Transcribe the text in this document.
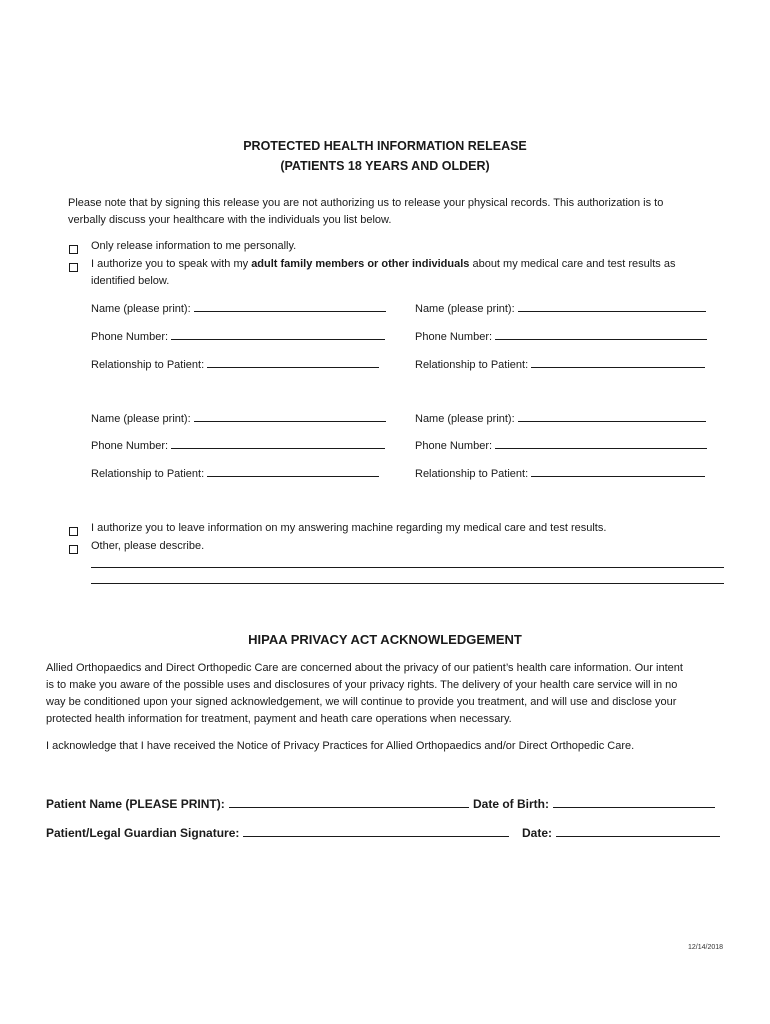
PROTECTED HEALTH INFORMATION RELEASE
(PATIENTS 18 YEARS AND OLDER)
Please note that by signing this release you are not authorizing us to release your physical records. This authorization is to
verbally discuss your healthcare with the individuals you list below.
Only release information to me personally.
I authorize you to speak with my adult family members or other individuals about my medical care and test results as
identified below.
Name (please print):	Name (please print):
Phone Number:	Phone Number:
Relationship to Patient:	Relationship to Patient:
Name (please print):	Name (please print):
Phone Number:	Phone Number:
Relationship to Patient:	Relationship to Patient:
I authorize you to leave information on my answering machine regarding my medical care and test results.
Other, please describe.
HIPAA PRIVACY ACT ACKNOWLEDGEMENT
Allied Orthopaedics and Direct Orthopedic Care are concerned about the privacy of our patient’s health care information. Our intent
is to make you aware of the possible uses and disclosures of your privacy rights. The delivery of your health care service will in no
way be conditioned upon your signed acknowledgement, we will continue to provide you treatment, and will use and disclose your
protected health information for treatment, payment and heath care operations when necessary.
I acknowledge that I have received the Notice of Privacy Practices for Allied Orthopaedics and/or Direct Orthopedic Care.
Patient Name (PLEASE PRINT):	Date of Birth:
Patient/Legal Guardian Signature:	Date:
12/14/2018
